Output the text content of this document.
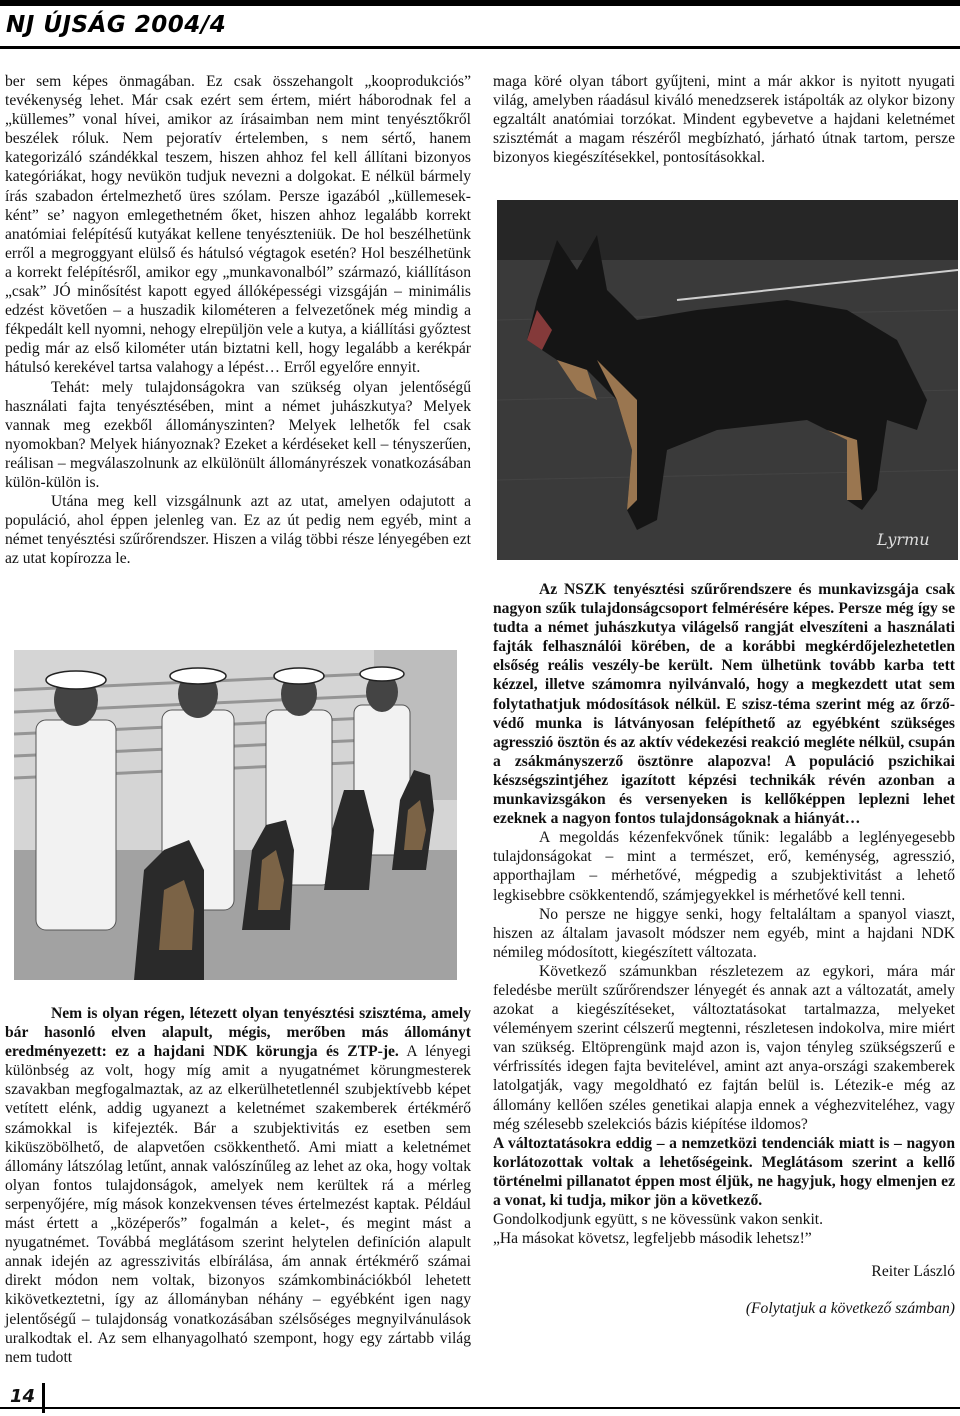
NJ ÚJSÁG 2004/4

ber sem képes önmagában. Ez csak összehangolt „kooprodukciós” tevékenység lehet. Már csak ezért sem értem, miért háborodnak fel a „küllemes” vonal hívei, amikor az írásaimban nem mint tenyésztőkről beszélek róluk. Nem pejoratív értelemben, s nem sértő, hanem kategorizáló szándékkal teszem, hiszen ahhoz fel kell állítani bizonyos kategóriákat, hogy nevükön tudjuk nevezni a dolgokat. E nélkül bármely írás szabadon értelmezhető üres szólam. Persze igazából „küllemesek-ként” se’ nagyon emlegethetném őket, hiszen ahhoz legalább korrekt anatómiai felépítésű kutyákat kellene tenyészteniük. De hol beszélhetünk erről a megroggyant elülső és hátulsó végtagok esetén? Hol beszélhetünk a korrekt felépítésről, amikor egy „munkavonalból” származó, kiállításon „csak” JÓ minősítést kapott egyed állóképességi vizsgáján – minimális edzést követően – a huszadik kilométeren a felvezetőnek még mindig a fékpedált kell nyomni, nehogy elrepüljön vele a kutya, a kiállítási győztest pedig már az első kilométer után biztatni kell, hogy legalább a kerékpár hátulsó kerekével tartsa valahogy a lépést… Erről egyelőre ennyit.

Tehát: mely tulajdonságokra van szükség olyan jelentőségű használati fajta tenyésztésében, mint a német juhászkutya? Melyek vannak meg ezekből állományszinten? Melyek lelhetők fel csak nyomokban? Melyek hiányoznak? Ezeket a kérdéseket kell – tényszerűen, reálisan – megválaszolnunk az elkülönült állományrészek vonatkozásában külön-külön is.

Utána meg kell vizsgálnunk azt az utat, amelyen odajutott a populáció, ahol éppen jelenleg van. Ez az út pedig nem egyéb, mint a német tenyésztési szűrőrendszer. Hiszen a világ többi része lényegében ezt az utat kopírozza le.

Nem is olyan régen, létezett olyan tenyésztési szisztéma, amely bár hasonló elven alapult, mégis, merőben más állományt eredményezett: ez a hajdani NDK körungja és ZTP-je. A lényegi különbség az volt, hogy míg amit a nyugatnémet körungmesterek szavakban megfogalmaztak, az az elkerülhetetlennél szubjektívebb képet vetített elénk, addig ugyanezt a keletnémet szakemberek értékmérő számokkal is kifejezték. Bár a szubjektivitás ez esetben sem kiküszöbölhető, de alapvetően csökkenthető. Ami miatt a keletnémet állomány látszólag letűnt, annak valószínűleg az lehet az oka, hogy voltak olyan fontos tulajdonságok, amelyek nem kerültek rá a mérleg serpenyőjére, míg mások konzekvensen téves értelmezést kaptak. Például mást értett a „középerős” fogalmán a kelet-, és megint mást a nyugatnémet. Továbbá meglátásom szerint helytelen definíción alapult annak idején az agresszivitás elbírálása, ám annak értékmérő számai direkt módon nem voltak, bizonyos számkombinációkból lehetett kikövetkeztetni, így az állományban néhány – egyébként igen nagy jelentőségű – tulajdonság vonatkozásában szélsőséges megnyilvánulások uralkodtak el. Az sem elhanyagolható szempont, hogy egy zártabb világ nem tudott

maga köré olyan tábort gyűjteni, mint a már akkor is nyitott nyugati világ, amelyben ráadásul kiváló menedzserek istápolták az olykor bizony egzaltált anatómiai torzókat. Mindent egybevetve a hajdani keletnémet szisztémát a magam részéről megbízható, járható útnak tartom, persze bizonyos kiegészítésekkel, pontosításokkal.

Lyrmu

Az NSZK tenyésztési szűrőrendszere és munkavizsgája csak nagyon szűk tulajdonságcsoport felmérésére képes. Persze még így se tudta a német juhászkutya világelső rangját elveszíteni a használati fajták felhasználói körében, de a korábbi megkérdőjelezhetetlen elsőség reális veszély-be került. Nem ülhetünk tovább karba tett kézzel, illetve számomra nyilvánvaló, hogy a megkezdett utat sem folytathatjuk módosítások nélkül. E szisz-téma szerint még az őrző-védő munka is látványosan felépíthető az egyébként szükséges agresszió ösztön és az aktív védekezési reakció megléte nélkül, csupán a zsákmányszerző ösztönre alapozva! A populáció pszichikai készségszintjéhez igazított képzési technikák révén azonban a munkavizsgákon és versenyeken is kellőképpen leplezni lehet ezeknek a nagyon fontos tulajdonságoknak a hiányát…

A megoldás kézenfekvőnek tűnik: legalább a leglényegesebb tulajdonságokat – mint a természet, erő, keménység, agresszió, apporthajlam – mérhetővé, mégpedig a szubjektivitást a lehető legkisebbre csökkentendő, számjegyekkel is mérhetővé kell tenni.

No persze ne higgye senki, hogy feltaláltam a spanyol viaszt, hiszen az általam javasolt módszer nem egyéb, mint a hajdani NDK némileg módosított, kiegészített változata.

Következő számunkban részletezem az egykori, mára már feledésbe merült szűrőrendszer lényegét és annak azt a változatát, amely azokat a kiegészítéseket, változtatásokat tartalmazza, melyeket véleményem szerint célszerű megtenni, részletesen indokolva, mire miért van szükség. Eltöprengünk majd azon is, vajon tényleg szükségszerű e vérfrissítés idegen fajta bevitelével, amint azt anya-országi szakemberek latolgatják, vagy megoldható ez fajtán belül is. Létezik-e még az állomány kellően széles genetikai alapja ennek a véghezviteléhez, vagy még szélesebb szelekciós bázis kiépítése ildomos?

A változtatásokra eddig – a nemzetközi tendenciák miatt is – nagyon korlátozottak voltak a lehetőségeink. Meglátásom szerint a kellő történelmi pillanatot éppen most éljük, ne hagyjuk, hogy elmenjen ez a vonat, ki tudja, mikor jön a következő.

Gondolkodjunk együtt, s ne kövessünk vakon senkit.

„Ha másokat követsz, legfeljebb második lehetsz!”

Reiter László

(Folytatjuk a következő számban)

14
